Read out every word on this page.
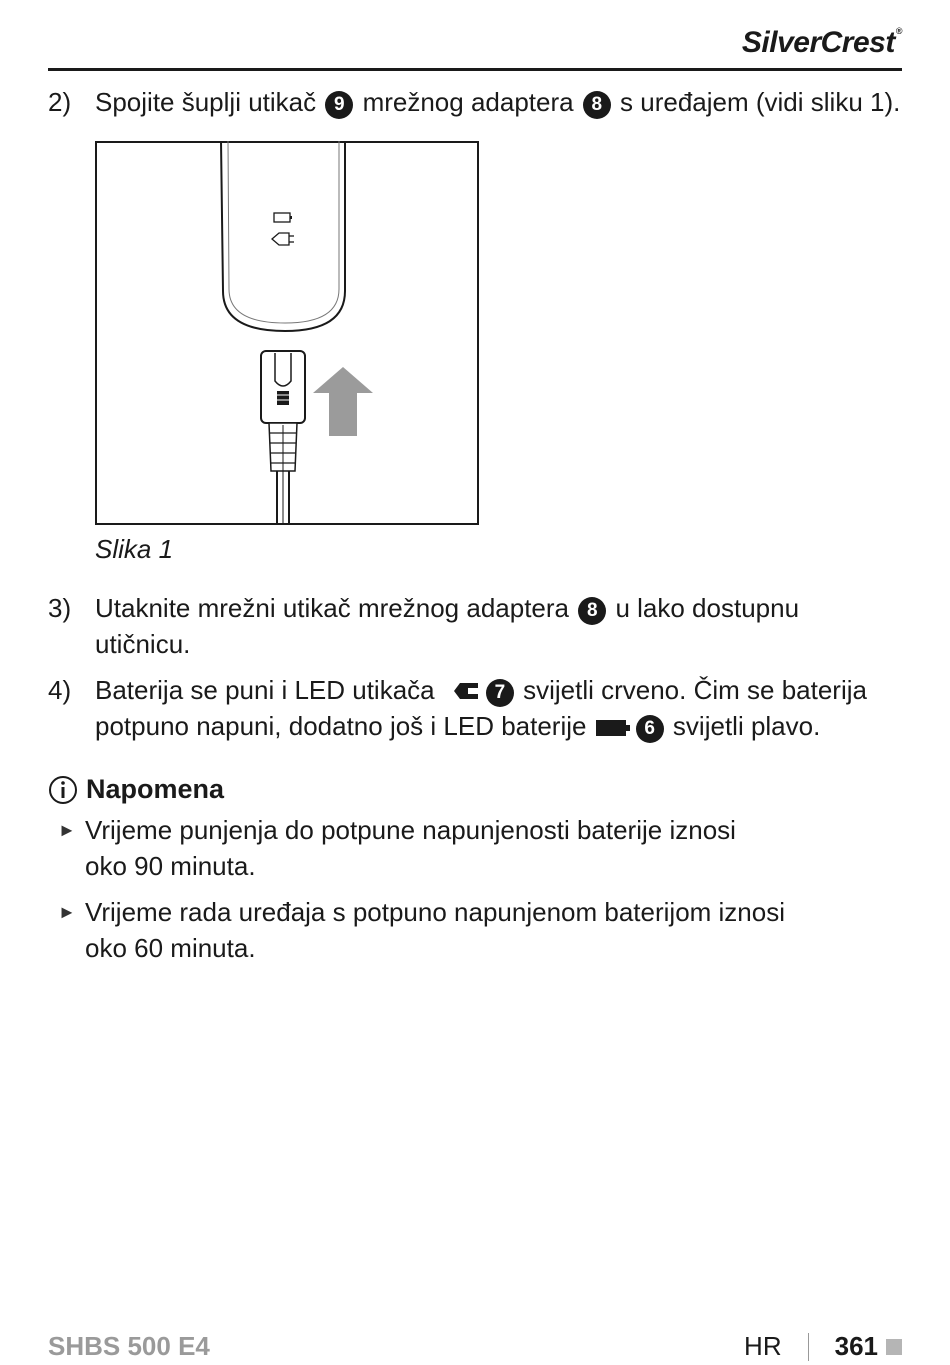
SilverCrest®
2) Spojite šuplji utikač 9 mrežnog adaptera 8 s uređajem (vidi sliku 1).
Slika 1
3) Utaknite mrežni utikač mrežnog adaptera 8 u lako dostupnu utičnicu.
4) Baterija se puni i LED utikača	7 svijetli crveno. Čim se baterija potpuno napuni, dodatno još i LED baterije	6 svijetli plavo.
Napomena
► Vrijeme punjenja do potpune napunjenosti baterije iznosi oko 90 minuta.
► Vrijeme rada uređaja s potpuno napunjenom baterijom iznosi oko 60 minuta.
SHBS 500 E4	HR 361
